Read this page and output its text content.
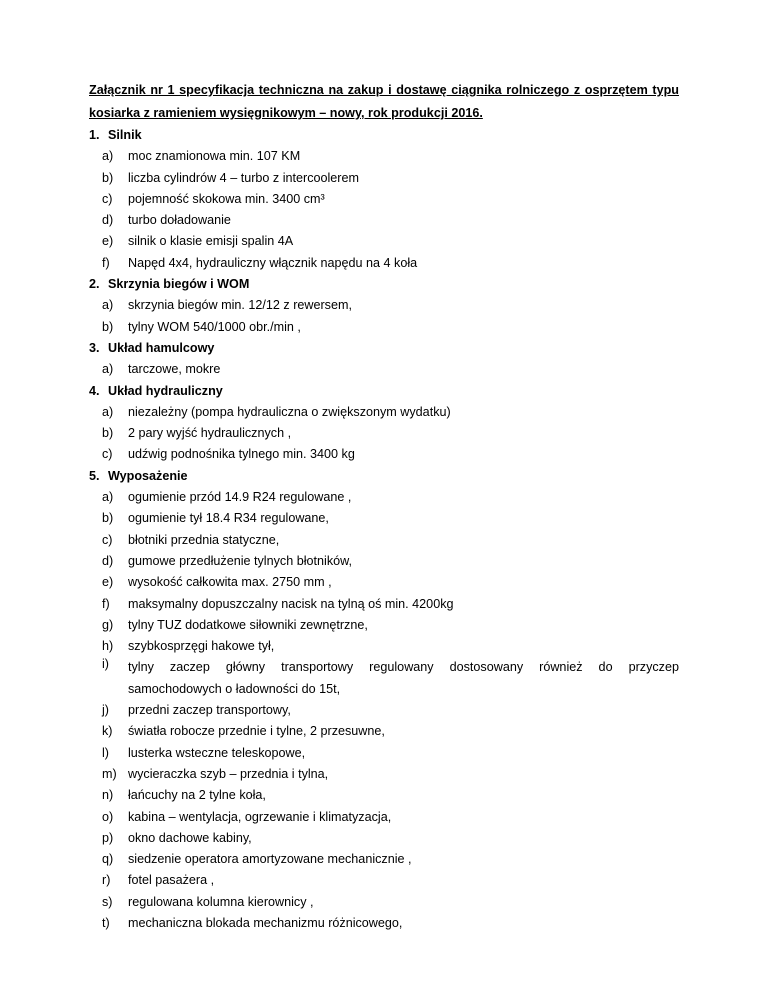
Załącznik nr 1 specyfikacja techniczna na zakup i dostawę ciągnika rolniczego z osprzętem typu kosiarka z ramieniem wysięgnikowym – nowy, rok produkcji 2016.
1. Silnik
a)	moc znamionowa min. 107 KM
b)	liczba cylindrów 4 – turbo z intercoolerem
c)	pojemność skokowa min. 3400 cm³
d)	turbo doładowanie
e)	silnik o klasie emisji spalin 4A
f)	Napęd 4x4, hydrauliczny włącznik napędu na 4 koła
2. Skrzynia biegów i WOM
a)	skrzynia biegów min. 12/12 z rewersem,
b)	tylny WOM 540/1000 obr./min ,
3. Układ hamulcowy
a)	tarczowe, mokre
4. Układ hydrauliczny
a)	niezależny (pompa hydrauliczna o zwiększonym wydatku)
b)	2 pary wyjść hydraulicznych ,
c)	udźwig podnośnika tylnego min. 3400 kg
5. Wyposażenie
a)	ogumienie przód 14.9 R24 regulowane ,
b)	ogumienie tył 18.4 R34 regulowane,
c)	błotniki przednia statyczne,
d)	gumowe przedłużenie tylnych błotników,
e)	wysokość całkowita max. 2750 mm ,
f)	maksymalny dopuszczalny nacisk na tylną oś min. 4200kg
g)	tylny TUZ dodatkowe siłowniki zewnętrzne,
h)	szybkosprzęgi hakowe tył,
i)	tylny zaczep główny transportowy regulowany dostosowany również do przyczep
samochodowych o ładowności do 15t,
j)	przedni zaczep transportowy,
k)	światła robocze przednie i tylne, 2 przesuwne,
l)	lusterka wsteczne teleskopowe,
m) wycieraczka szyb – przednia i tylna,
n)	łańcuchy na 2 tylne koła,
o)	kabina – wentylacja, ogrzewanie i klimatyzacja,
p)	okno dachowe kabiny,
q)	siedzenie operatora amortyzowane mechanicznie ,
r)	fotel pasażera ,
s)	regulowana kolumna kierownicy ,
t)	mechaniczna blokada mechanizmu różnicowego,
